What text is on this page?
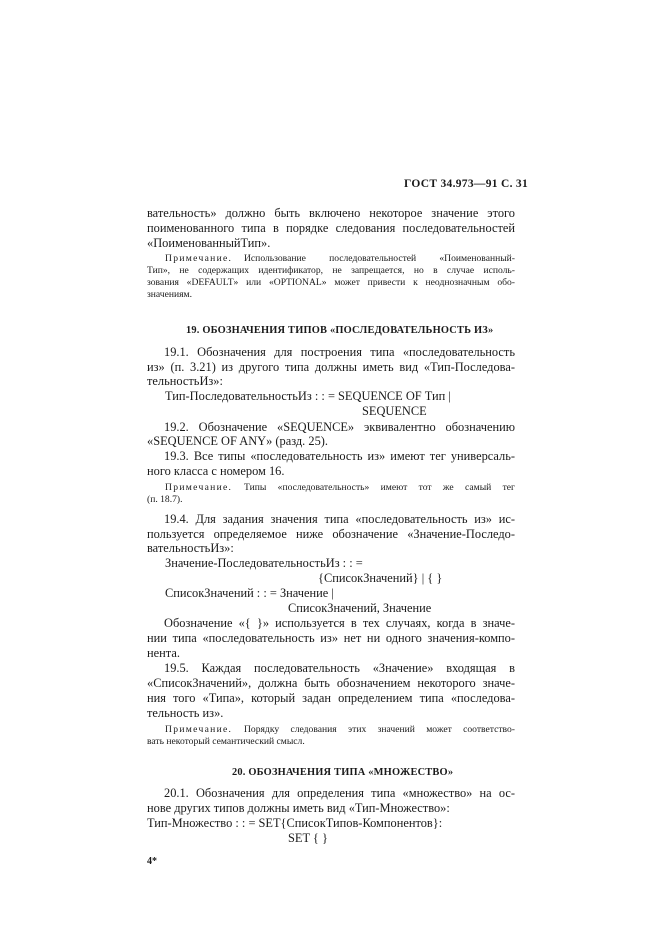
ГОСТ 34.973—91 С. 31
вательность» должно быть включено некоторое значение этого
поименованного типа в порядке следования последовательностей
«ПоименованныйТип».
Примечание.	Использование последовательностей «Поименованный-
Тип», не содержащих идентификатор, не запрещается, но в случае исполь-
зования «DEFAULT» или «OPTIONAL» может привести к неоднозначным обо-
значениям.
19. ОБОЗНАЧЕНИЯ ТИПОВ «ПОСЛЕДОВАТЕЛЬНОСТЬ ИЗ»
19.1. Обозначения для построения типа «последовательность
из» (п. 3.21) из другого типа должны иметь вид «Тип-Последова-
тельностьИз»:
Тип-ПоследовательностьИз : : = SEQUENCE OF Тип |
SEQUENCE
19.2. Обозначение «SEQUENCE» эквивалентно обозначению
«SEQUENCE OF ANY» (разд. 25).
19.3. Все типы «последовательность из» имеют тег универсаль-
ного класса с номером 16.
Примечание. Типы «последовательность» имеют тот же самый тег
(п. 18.7).
19.4. Для задания значения типа «последовательность из» ис-
пользуется определяемое ниже обозначение «Значение-Последо-
вательностьИз»:
Значение-ПоследовательностьИз : : =
{СписокЗначений} | { }
СписокЗначений : : = Значение |
СписокЗначений, Значение
Обозначение «{ }» используется в тех случаях, когда в значе-
нии типа «последовательность из» нет ни одного значения-компо-
нента.
19.5. Каждая последовательность «Значение» входящая в
«СписокЗначений», должна быть обозначением некоторого значе-
ния того «Типа», который задан определением типа «последова-
тельность из».
Примечание. Порядку следования этих значений может соответство-
вать некоторый семантический смысл.
20. ОБОЗНАЧЕНИЯ ТИПА «МНОЖЕСТВО»
20.1. Обозначения для определения типа «множество» на ос-
нове других типов должны иметь вид «Тип-Множество»:
Тип-Множество : : = SET{СписокТипов-Компонентов}:
SET { }
4*
